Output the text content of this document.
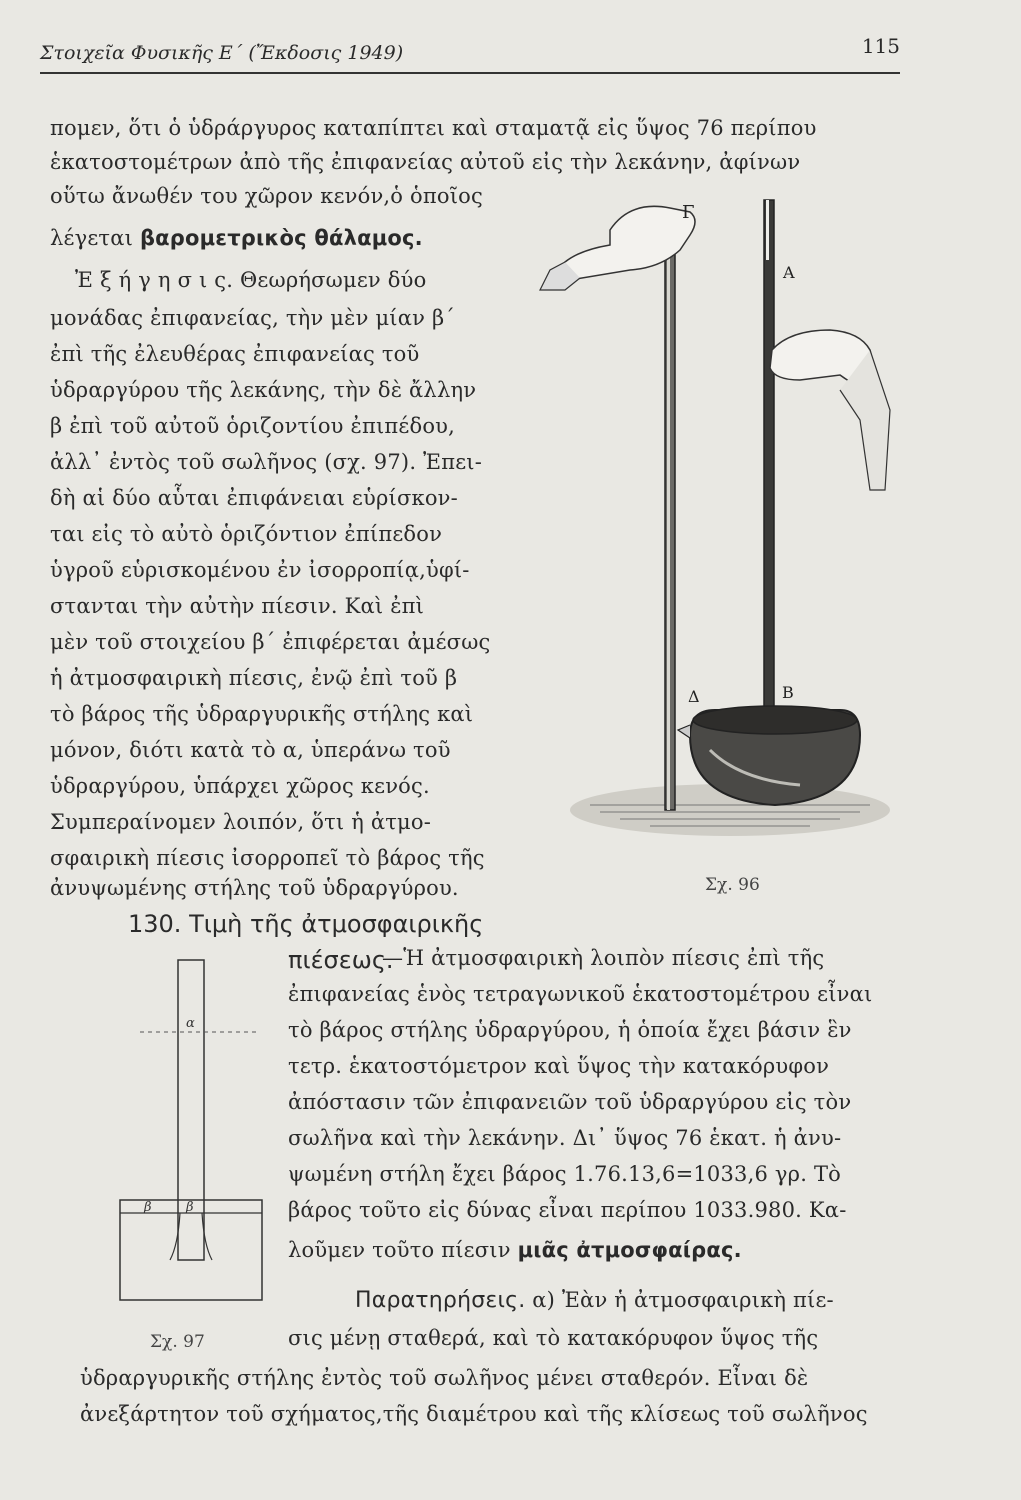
Στοιχεῖα Φυσικῆς Ε΄ (Ἔκδοσις 1949)	115
πομεν, ὅτι ὁ ὑδράργυρος καταπίπτει καὶ σταματᾷ εἰς ὕψος 76 περίπου
ἑκατοστομέτρων ἀπὸ τῆς ἐπιφανείας αὐτοῦ εἰς τὴν λεκάνην, ἀφίνων
οὕτω ἄνωθέν του χῶρον κενόν,ὁ ὁποῖος
λέγεται βαρομετρικὸς θάλαμος.
Ἐ ξ ή γ η σ ι ς. Θεωρήσωμεν δύο
μονάδας ἐπιφανείας, τὴν μὲν μίαν β΄
ἐπὶ τῆς ἐλευθέρας ἐπιφανείας τοῦ
ὑδραργύρου τῆς λεκάνης, τὴν δὲ ἄλλην
β ἐπὶ τοῦ αὐτοῦ ὁριζοντίου ἐπιπέδου,
ἀλλ᾿ ἐντὸς τοῦ σωλῆνος (σχ. 97). Ἐπει-
δὴ αἱ δύο αὗται ἐπιφάνειαι εὑρίσκον-
ται εἰς τὸ αὐτὸ ὁριζόντιον ἐπίπεδον
ὑγροῦ εὑρισκομένου ἐν ἰσορροπίᾳ,ὑφί-
στανται τὴν αὐτὴν πίεσιν. Καὶ ἐπὶ
μὲν τοῦ στοιχείου β΄ ἐπιφέρεται ἀμέσως
ἡ ἀτμοσφαιρικὴ πίεσις, ἐνῷ ἐπὶ τοῦ β
τὸ βάρος τῆς ὑδραργυρικῆς στήλης καὶ
μόνον, διότι κατὰ τὸ α, ὑπεράνω τοῦ
ὑδραργύρου, ὑπάρχει χῶρος κενός.
Συμπεραίνομεν λοιπόν, ὅτι ἡ ἀτμο-
σφαιρικὴ πίεσις ἰσορροπεῖ τὸ βάρος τῆς
ἀνυψωμένης στήλης τοῦ ὑδραργύρου.
Γ
Α
Δ	Β
Σχ. 96
130. Τιμὴ τῆς ἀτμοσφαιρικῆς
πιέσεως.
—Ἡ ἀτμοσφαιρικὴ λοιπὸν πίεσις ἐπὶ τῆς
ἐπιφανείας ἑνὸς τετραγωνικοῦ ἑκατοστομέτρου εἶναι
τὸ βάρος στήλης ὑδραργύρου, ἡ ὁποία ἔχει βάσιν ἓν
τετρ. ἑκατοστόμετρον καὶ ὕψος τὴν κατακόρυφον
ἀπόστασιν τῶν ἐπιφανειῶν τοῦ ὑδραργύρου εἰς τὸν
σωλῆνα καὶ τὴν λεκάνην. Δι᾿ ὕψος 76 ἑκατ. ἡ ἀνυ-
ψωμένη στήλη ἔχει βάρος 1.76.13,6=1033,6 γρ. Τὸ
βάρος τοῦτο εἰς δύνας εἶναι περίπου 1033.980. Κα-
λοῦμεν τοῦτο πίεσιν μιᾶς ἀτμοσφαίρας.
α
β	β
Σχ. 97
Παρατηρήσεις. α) Ἐὰν ἡ ἀτμοσφαιρικὴ πίε-
σις μένῃ σταθερά, καὶ τὸ κατακόρυφον ὕψος τῆς
ὑδραργυρικῆς στήλης ἐντὸς τοῦ σωλῆνος μένει σταθερόν. Εἶναι δὲ
ἀνεξάρτητον τοῦ σχήματος,τῆς διαμέτρου καὶ τῆς κλίσεως τοῦ σωλῆνος
